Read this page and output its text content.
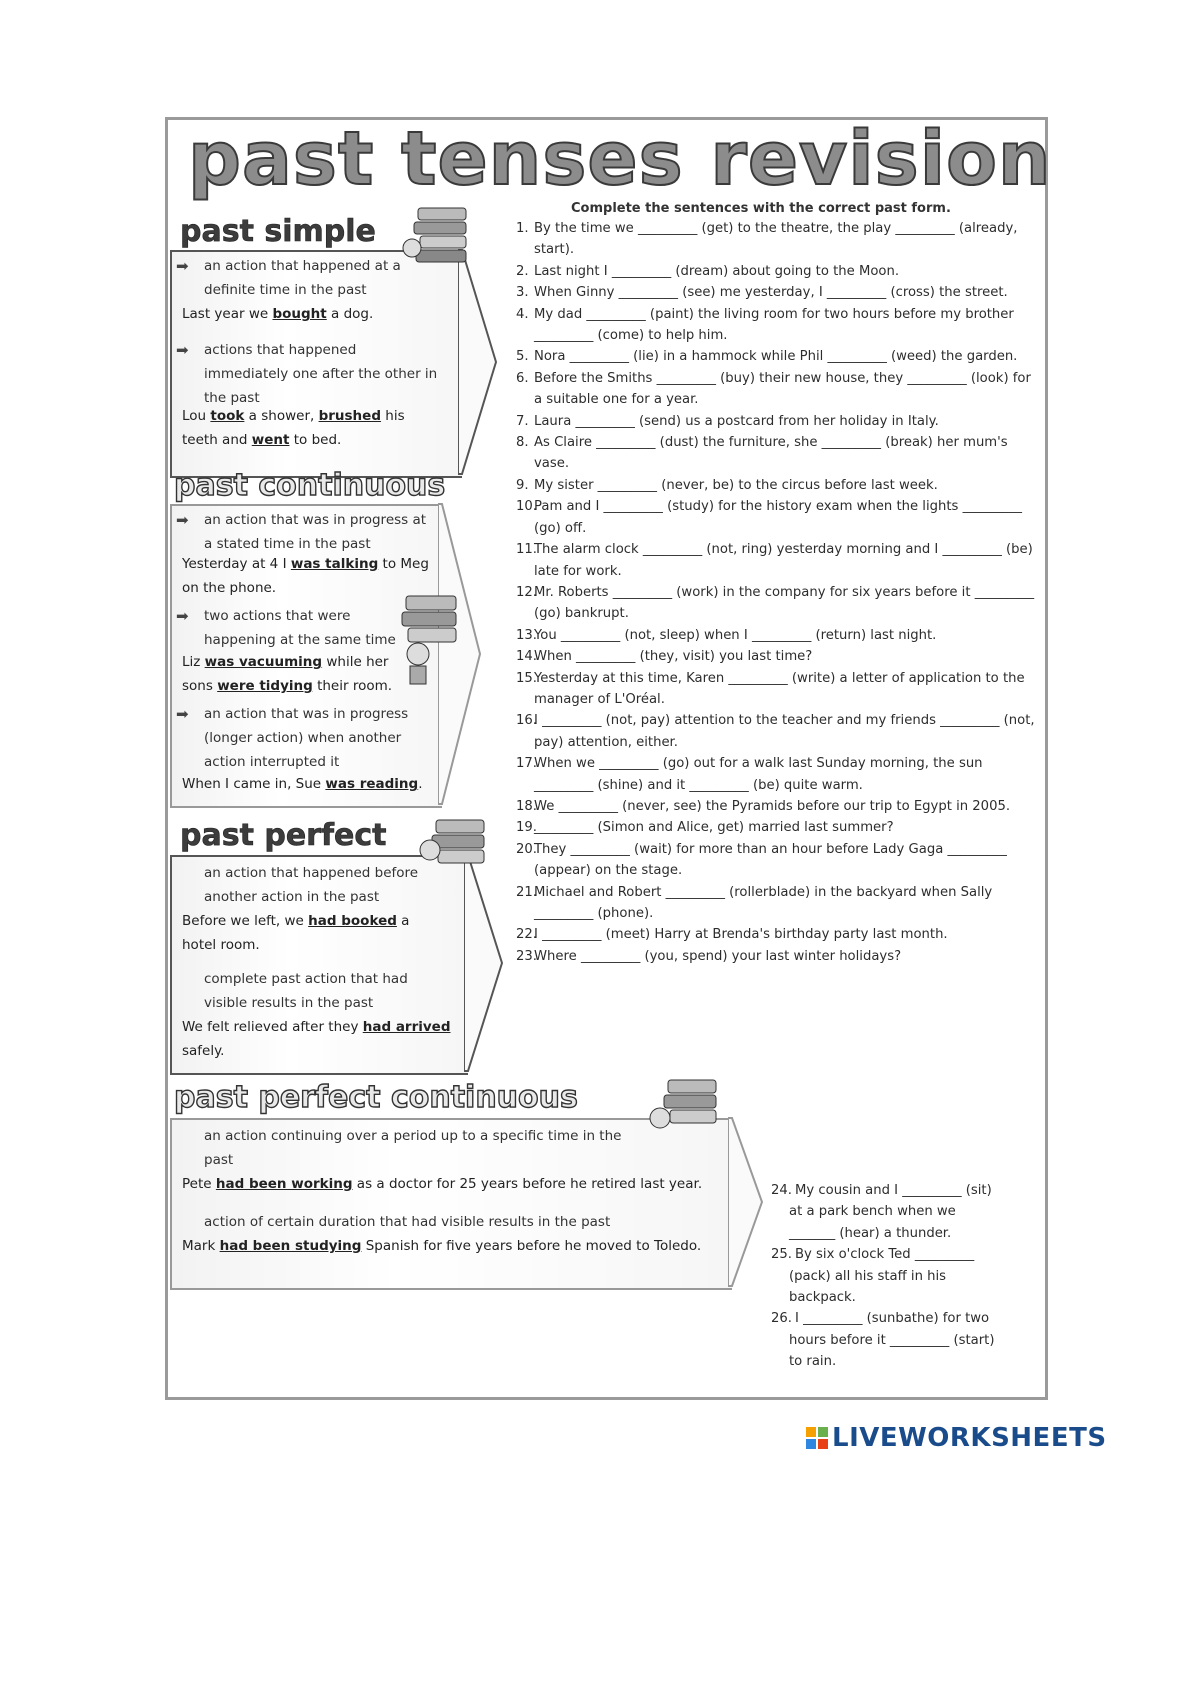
past tenses revision
Complete the sentences with the correct past form.
past simple
➡ an action that happened at a definite time in the past
Last year we bought a dog.
➡ actions that happened immediately one after the other in the past
Lou took a shower, brushed his teeth and went to bed.
past continuous
➡ an action that was in progress at a stated time in the past
Yesterday at 4 I was talking to Meg on the phone.
➡ two actions that were happening at the same time
Liz was vacuuming while her sons were tidying their room.
➡ an action that was in progress (longer action) when another action interrupted it
When I came in, Sue was reading.
past perfect
an action that happened before another action in the past
Before we left, we had booked a hotel room.
complete past action that had visible results in the past
We felt relieved after they had arrived safely.
past perfect continuous
an action continuing over a period up to a specific time in the past
Pete had been working as a doctor for 25 years before he retired last year.
action of certain duration that had visible results in the past
Mark had been studying Spanish for five years before he moved to Toledo.
1. By the time we _________ (get) to the theatre, the play _________ (already, start).
2. Last night I _________ (dream) about going to the Moon.
3. When Ginny _________ (see) me yesterday, I _________ (cross) the street.
4. My dad _________ (paint) the living room for two hours before my brother _________ (come) to help him.
5. Nora _________ (lie) in a hammock while Phil _________ (weed) the garden.
6. Before the Smiths _________ (buy) their new house, they _________ (look) for a suitable one for a year.
7. Laura _________ (send) us a postcard from her holiday in Italy.
8. As Claire _________ (dust) the furniture, she _________ (break) her mum's vase.
9. My sister _________ (never, be) to the circus before last week.
10.Pam and I _________ (study) for the history exam when the lights _________ (go) off.
11.The alarm clock _________ (not, ring) yesterday morning and I _________ (be) late for work.
12.Mr. Roberts _________ (work) in the company for six years before it _________ (go) bankrupt.
13.You _________ (not, sleep) when I _________ (return) last night.
14.When _________ (they, visit) you last time?
15.Yesterday at this time, Karen _________ (write) a letter of application to the manager of L'Oréal.
16.I _________ (not, pay) attention to the teacher and my friends _________ (not, pay) attention, either.
17.When we _________ (go) out for a walk last Sunday morning, the sun _________ (shine) and it _________ (be) quite warm.
18.We _________ (never, see) the Pyramids before our trip to Egypt in 2005.
19._________ (Simon and Alice, get) married last summer?
20.They _________ (wait) for more than an hour before Lady Gaga _________ (appear) on the stage.
21.Michael and Robert _________ (rollerblade) in the backyard when Sally _________ (phone).
22.I _________ (meet) Harry at Brenda's birthday party last month.
23.Where _________ (you, spend) your last winter holidays?
24. My cousin and I _________ (sit) at a park bench when we _______ (hear) a thunder.
25. By six o'clock Ted _________ (pack) all his staff in his backpack.
26. I _________ (sunbathe) for two hours before it _________ (start) to rain.
LIVEWORKSHEETS
